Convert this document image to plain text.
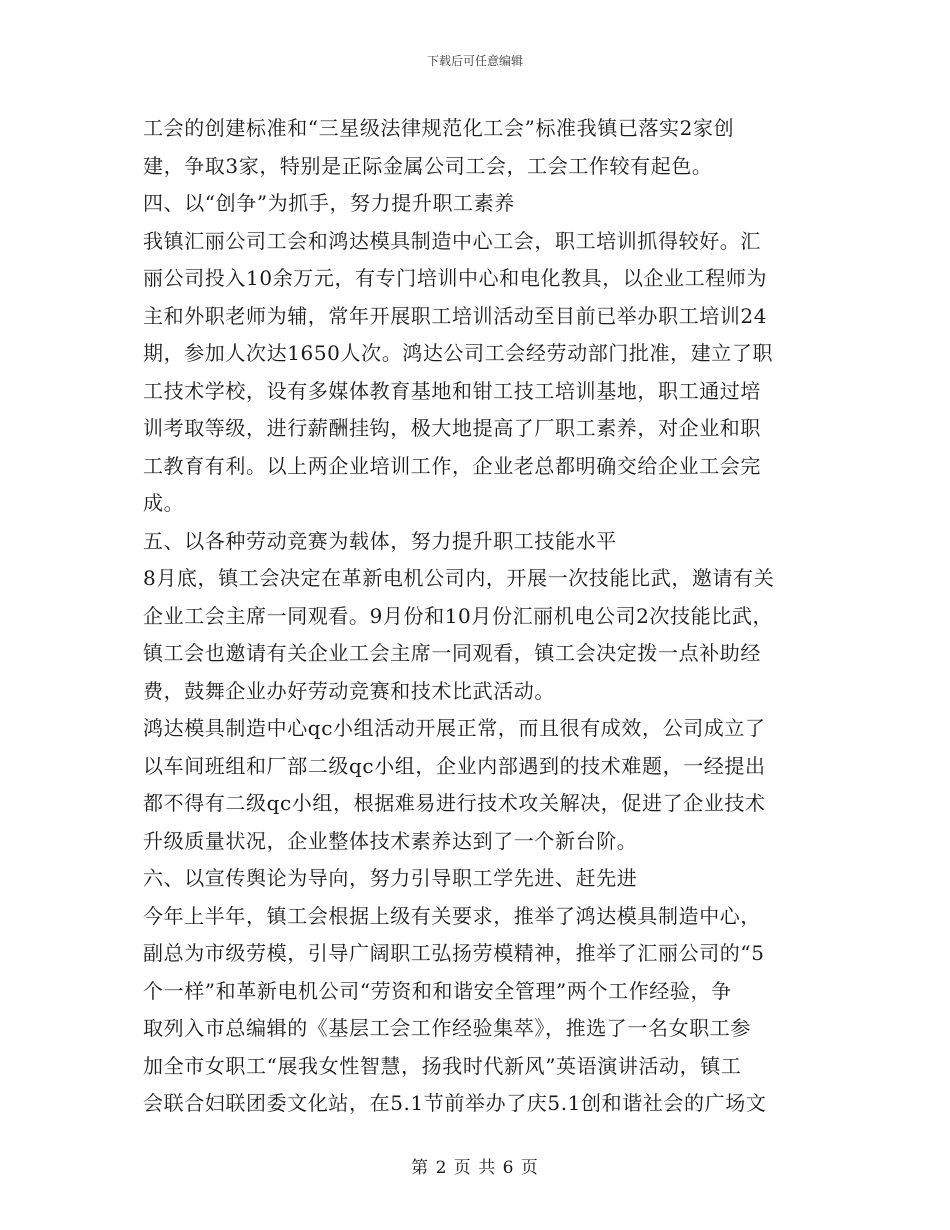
下载后可任意编辑
工会的创建标准和“三星级法律规范化工会”标准我镇已落实2家创
建，争取3家，特别是正际金属公司工会，工会工作较有起色。
四、以“创争”为抓手，努力提升职工素养
我镇汇丽公司工会和鸿达模具制造中心工会，职工培训抓得较好。汇
丽公司投入10余万元，有专门培训中心和电化教具，以企业工程师为
主和外职老师为辅，常年开展职工培训活动至目前已举办职工培训24
期，参加人次达1650人次。鸿达公司工会经劳动部门批准，建立了职
工技术学校，设有多媒体教育基地和钳工技工培训基地，职工通过培
训考取等级，进行薪酬挂钩，极大地提高了厂职工素养，对企业和职
工教育有利。以上两企业培训工作，企业老总都明确交给企业工会完
成。
五、以各种劳动竞赛为载体，努力提升职工技能水平
8月底，镇工会决定在革新电机公司内，开展一次技能比武，邀请有关
企业工会主席一同观看。9月份和10月份汇丽机电公司2次技能比武，
镇工会也邀请有关企业工会主席一同观看，镇工会决定拨一点补助经
费，鼓舞企业办好劳动竞赛和技术比武活动。
鸿达模具制造中心qc小组活动开展正常，而且很有成效，公司成立了
以车间班组和厂部二级qc小组，企业内部遇到的技术难题，一经提出
都不得有二级qc小组，根据难易进行技术攻关解决，促进了企业技术
升级质量状况，企业整体技术素养达到了一个新台阶。
六、以宣传舆论为导向，努力引导职工学先进、赶先进
今年上半年，镇工会根据上级有关要求，推举了鸿达模具制造中心，
副总为市级劳模，引导广阔职工弘扬劳模精神，推举了汇丽公司的“5
个一样”和革新电机公司“劳资和和谐安全管理”两个工作经验，争
取列入市总编辑的《基层工会工作经验集萃》，推选了一名女职工参
加全市女职工“展我女性智慧，扬我时代新风”英语演讲活动，镇工
会联合妇联团委文化站，在5.1节前举办了庆5.1创和谐社会的广场文
第 2 页 共 6 页
